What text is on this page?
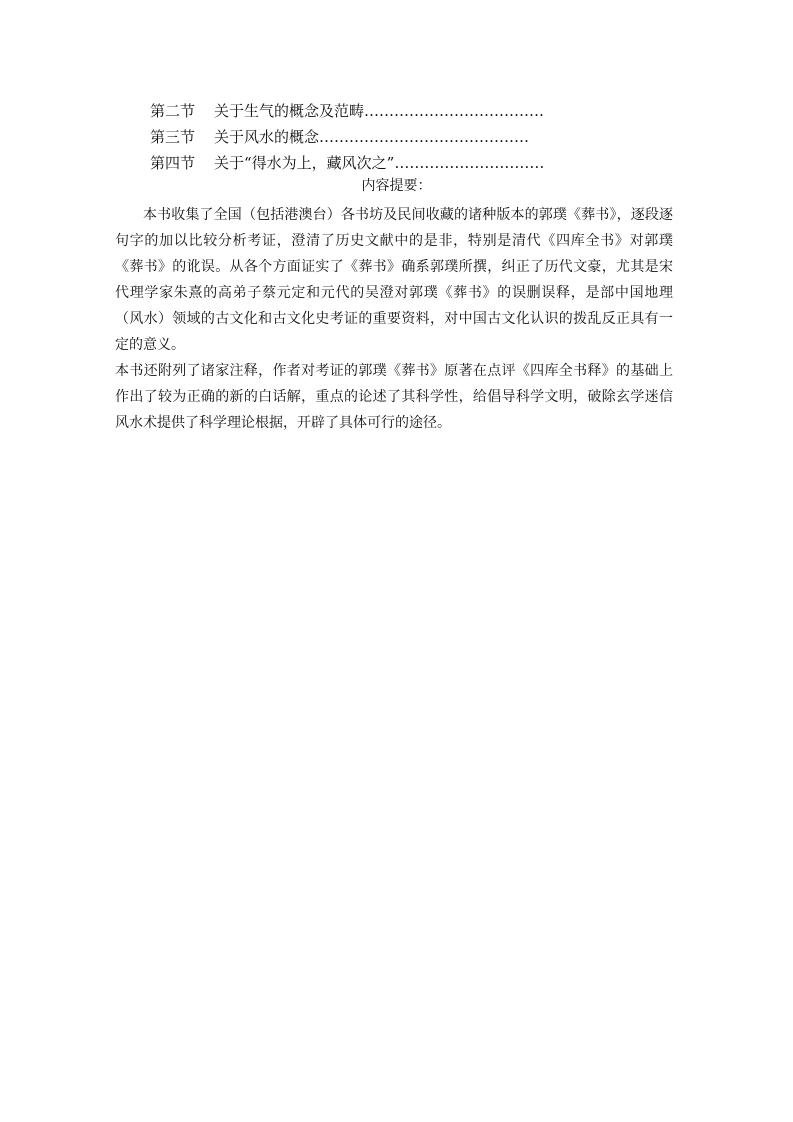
第二节 关于生气的概念及范畴………………………………
第三节 关于风水的概念……………………………………
第四节 关于“得水为上，藏风次之”…………………………
内容提要：

本书收集了全国（包括港澳台）各书坊及民间收藏的诸种版本的郭璞《葬书》，逐段逐句字的加以比较分析考证，澄清了历史文献中的是非，特别是清代《四库全书》对郭璞《葬书》的讹误。从各个方面证实了《葬书》确系郭璞所撰，纠正了历代文豪，尤其是宋代理学家朱熹的高弟子蔡元定和元代的吴澄对郭璞《葬书》的误删误释，是部中国地理（风水）领域的古文化和古文化史考证的重要资料，对中国古文化认识的拨乱反正具有一定的意义。

本书还附列了诸家注释，作者对考证的郭璞《葬书》原著在点评《四库全书释》的基础上作出了较为正确的新的白话解，重点的论述了其科学性，给倡导科学文明，破除玄学迷信风水术提供了科学理论根据，开辟了具体可行的途径。
